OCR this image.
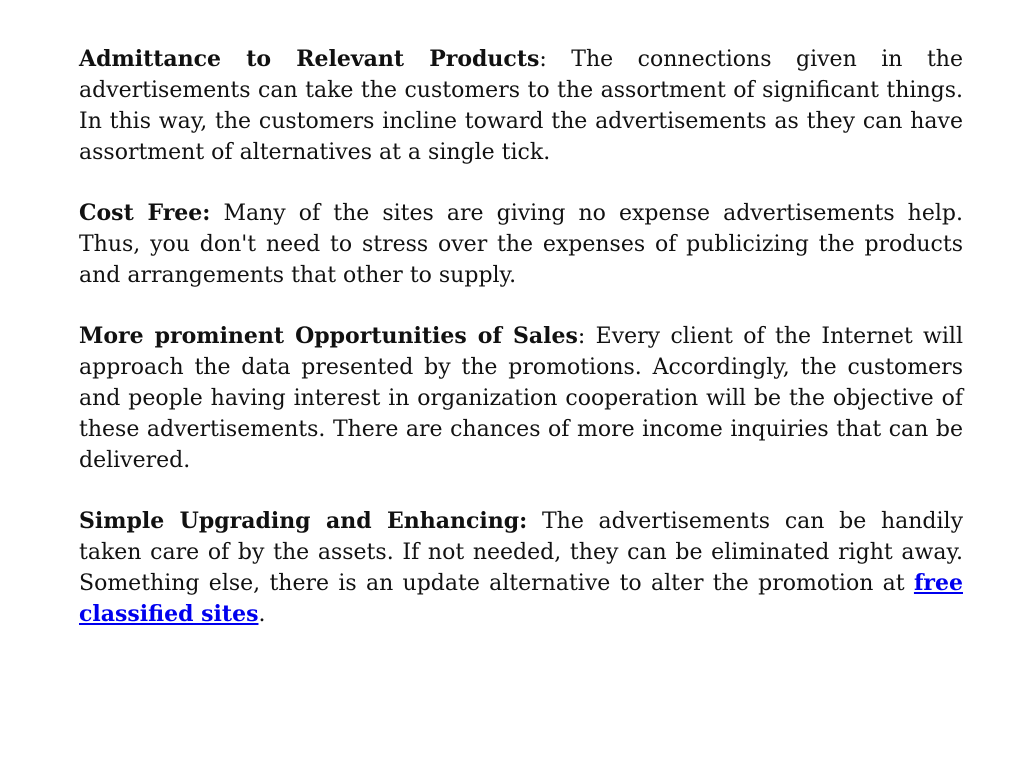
Admittance to Relevant Products: The connections given in the advertisements can take the customers to the assortment of significant things. In this way, the customers incline toward the advertisements as they can have assortment of alternatives at a single tick.

Cost Free: Many of the sites are giving no expense advertisements help. Thus, you don't need to stress over the expenses of publicizing the products and arrangements that other to supply.

More prominent Opportunities of Sales: Every client of the Internet will approach the data presented by the promotions. Accordingly, the customers and people having interest in organization cooperation will be the objective of these advertisements. There are chances of more income inquiries that can be delivered.

Simple Upgrading and Enhancing: The advertisements can be handily taken care of by the assets. If not needed, they can be eliminated right away. Something else, there is an update alternative to alter the promotion at free classified sites.
